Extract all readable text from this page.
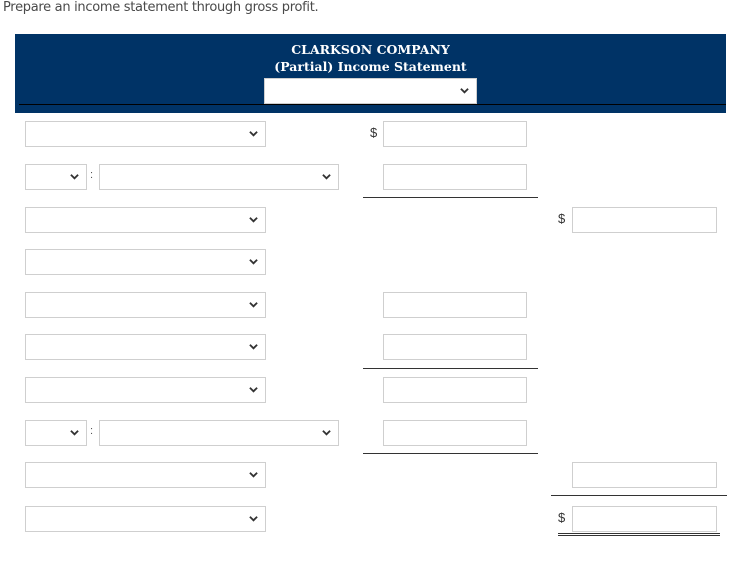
Prepare an income statement through gross profit.
CLARKSON COMPANY
(Partial) Income Statement
$
:
$
:
$
